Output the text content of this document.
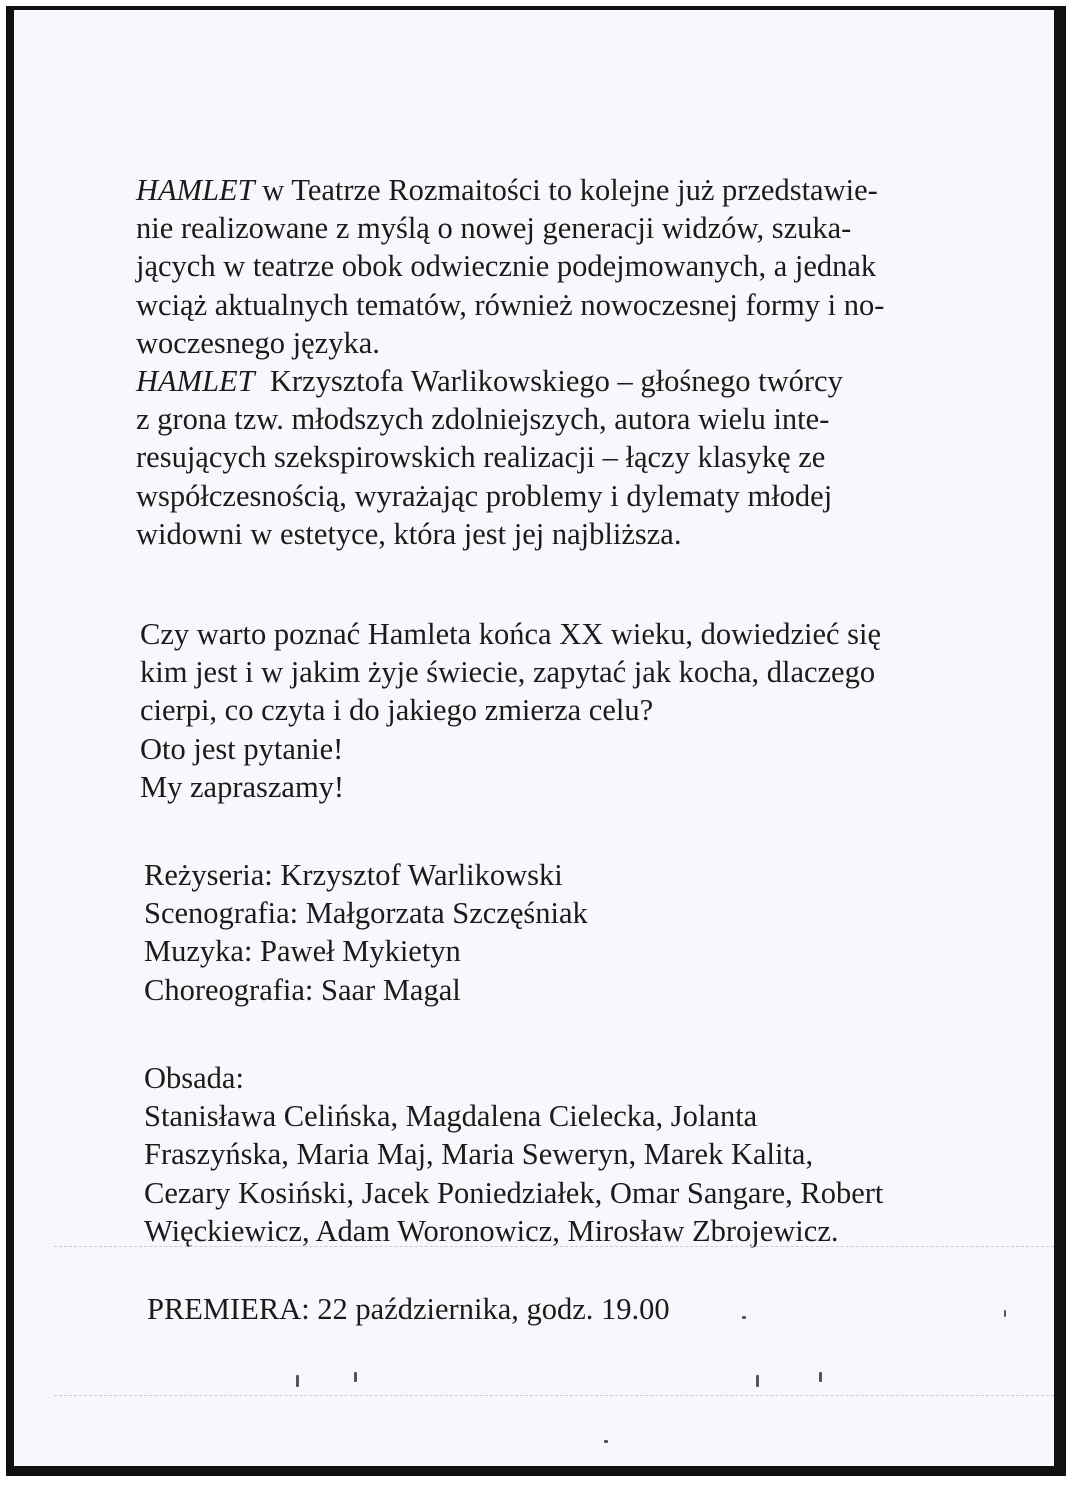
HAMLET w Teatrze Rozmaitości to kolejne już przedstawie-
nie realizowane z myślą o nowej generacji widzów, szuka-
jących w teatrze obok odwiecznie podejmowanych, a jednak
wciąż aktualnych tematów, również nowoczesnej formy i no-
woczesnego języka.
HAMLET  Krzysztofa Warlikowskiego – głośnego twórcy
z grona tzw. młodszych zdolniejszych, autora wielu inte-
resujących szekspirowskich realizacji – łączy klasykę ze
współczesnością, wyrażając problemy i dylematy młodej
widowni w estetyce, która jest jej najbliższa.
Czy warto poznać Hamleta końca XX wieku, dowiedzieć się
kim jest i w jakim żyje świecie, zapytać jak kocha, dlaczego
cierpi, co czyta i do jakiego zmierza celu?
Oto jest pytanie!
My zapraszamy!
Reżyseria: Krzysztof Warlikowski
Scenografia: Małgorzata Szczęśniak
Muzyka: Paweł Mykietyn
Choreografia: Saar Magal
Obsada:
Stanisława Celińska, Magdalena Cielecka, Jolanta
Fraszyńska, Maria Maj, Maria Seweryn, Marek Kalita,
Cezary Kosiński, Jacek Poniedziałek, Omar Sangare, Robert
Więckiewicz, Adam Woronowicz, Mirosław Zbrojewicz.
PREMIERA: 22 października, godz. 19.00
